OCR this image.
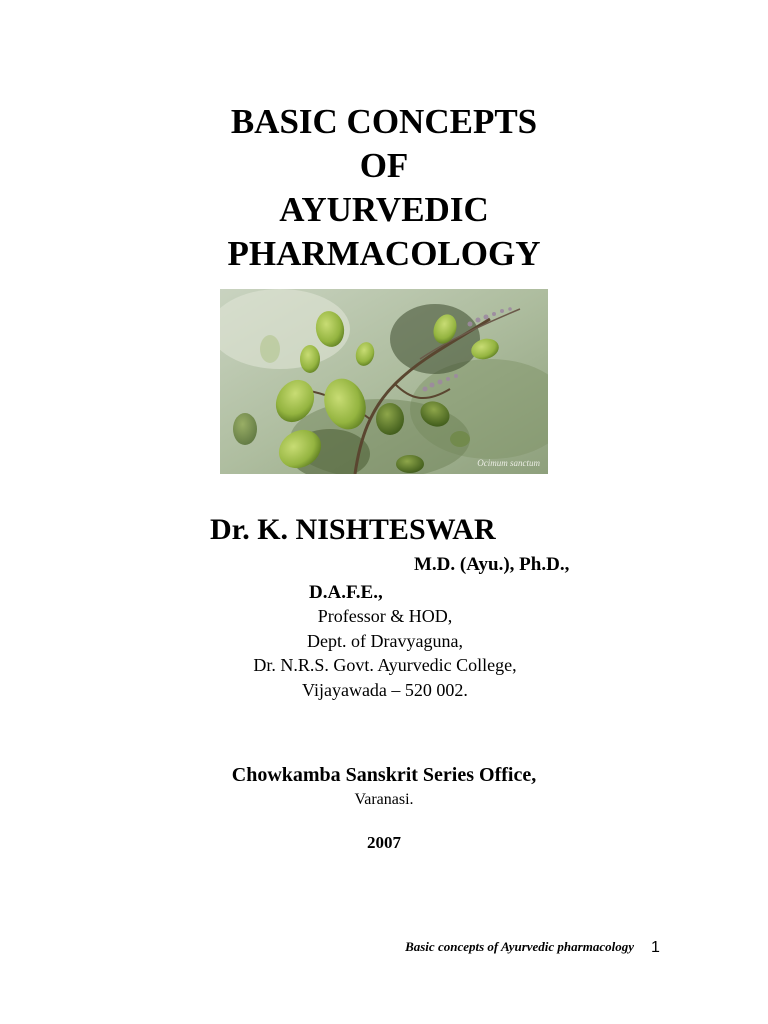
BASIC CONCEPTS
OF
AYURVEDIC
PHARMACOLOGY
Ocimum sanctum
Dr. K. NISHTESWAR
M.D. (Ayu.), Ph.D.,
D.A.F.E.,
Professor & HOD,
Dept. of Dravyaguna,
Dr. N.R.S. Govt. Ayurvedic College,
Vijayawada – 520 002.
Chowkamba Sanskrit Series Office,
Varanasi.
2007
Basic concepts of Ayurvedic pharmacology 1
